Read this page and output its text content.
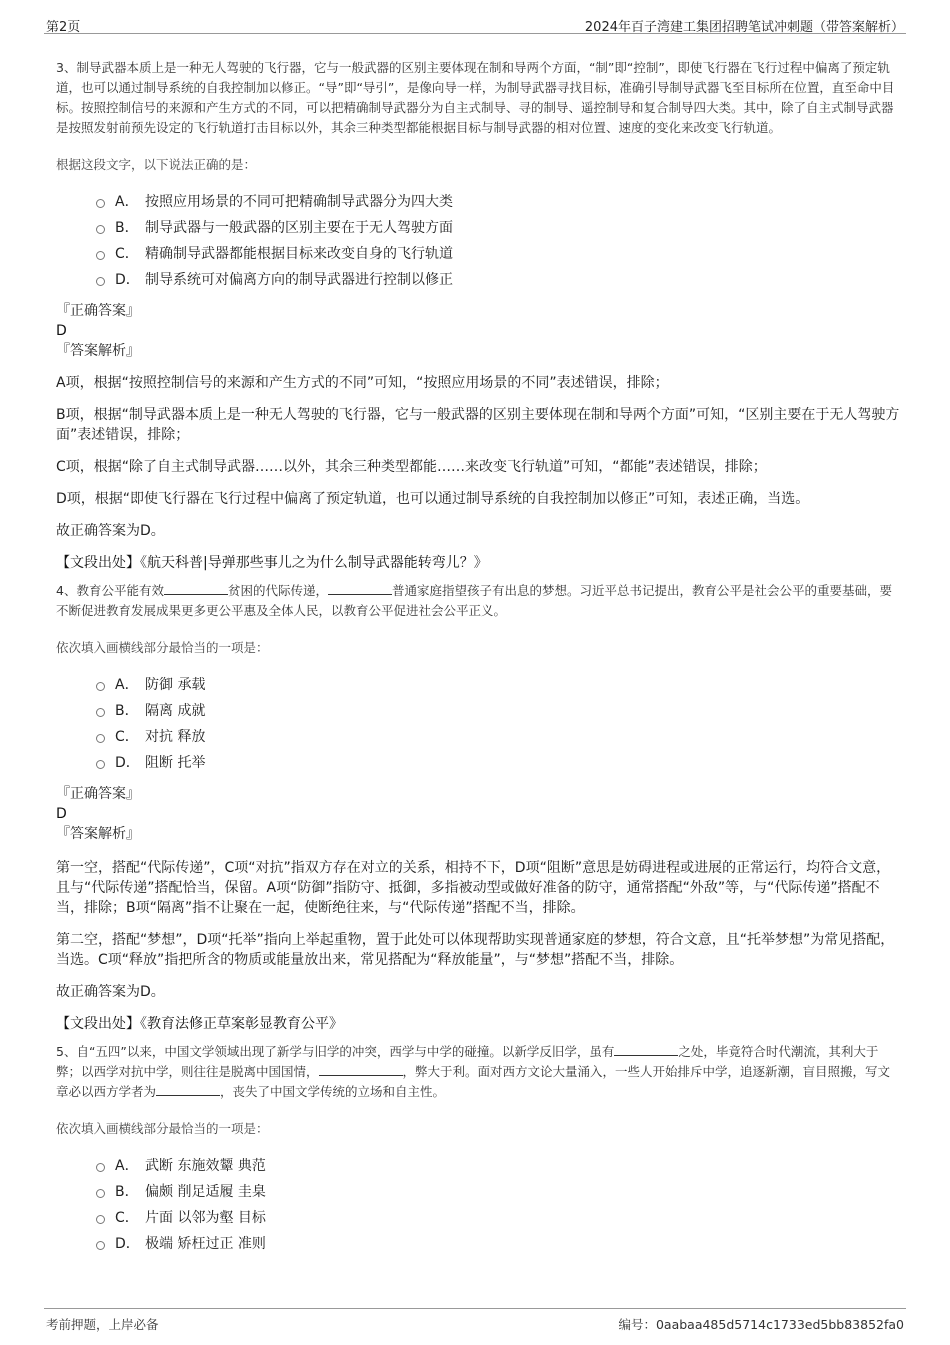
第2页	2024年百子湾建工集团招聘笔试冲刺题（带答案解析）

3、制导武器本质上是一种无人驾驶的飞行器，它与一般武器的区别主要体现在制和导两个方面，“制”即“控制”，即使飞行器在飞行过程中偏离了预定轨道，也可以通过制导系统的自我控制加以修正。“导”即“导引”，是像向导一样，为制导武器寻找目标，准确引导制导武器飞至目标所在位置，直至命中目标。按照控制信号的来源和产生方式的不同，可以把精确制导武器分为自主式制导、寻的制导、遥控制导和复合制导四大类。其中，除了自主式制导武器是按照发射前预先设定的飞行轨道打击目标以外，其余三种类型都能根据目标与制导武器的相对位置、速度的变化来改变飞行轨道。

根据这段文字，以下说法正确的是：

A． 按照应用场景的不同可把精确制导武器分为四大类
B． 制导武器与一般武器的区别主要在于无人驾驶方面
C． 精确制导武器都能根据目标来改变自身的飞行轨道
D． 制导系统可对偏离方向的制导武器进行控制以修正

『正确答案』

D

『答案解析』

A项，根据“按照控制信号的来源和产生方式的不同”可知，“按照应用场景的不同”表述错误，排除；

B项，根据“制导武器本质上是一种无人驾驶的飞行器，它与一般武器的区别主要体现在制和导两个方面”可知，“区别主要在于无人驾驶方面”表述错误，排除；

C项，根据“除了自主式制导武器……以外，其余三种类型都能……来改变飞行轨道”可知，“都能”表述错误，排除；

D项，根据“即使飞行器在飞行过程中偏离了预定轨道，也可以通过制导系统的自我控制加以修正”可知，表述正确，当选。

故正确答案为D。

【文段出处】《航天科普|导弹那些事儿之为什么制导武器能转弯儿？》

4、教育公平能有效	贫困的代际传递，	普通家庭指望孩子有出息的梦想。习近平总书记提出，教育公平是社会公平的重要基础，要不断促进教育发展成果更多更公平惠及全体人民，以教育公平促进社会公平正义。

依次填入画横线部分最恰当的一项是：

A． 防御 承载
B． 隔离 成就
C． 对抗 释放
D． 阻断 托举

『正确答案』

D

『答案解析』

第一空，搭配“代际传递”，C项“对抗”指双方存在对立的关系，相持不下，D项“阻断”意思是妨碍进程或进展的正常运行，均符合文意，且与“代际传递”搭配恰当，保留。A项“防御”指防守、抵御，多指被动型或做好准备的防守，通常搭配“外敌”等，与“代际传递”搭配不当，排除；B项“隔离”指不让聚在一起，使断绝往来，与“代际传递”搭配不当，排除。

第二空，搭配“梦想”，D项“托举”指向上举起重物，置于此处可以体现帮助实现普通家庭的梦想，符合文意，且“托举梦想”为常见搭配，当选。C项“释放”指把所含的物质或能量放出来，常见搭配为“释放能量”，与“梦想”搭配不当，排除。

故正确答案为D。

【文段出处】《教育法修正草案彰显教育公平》

5、自“五四”以来，中国文学领域出现了新学与旧学的冲突，西学与中学的碰撞。以新学反旧学，虽有	之处，毕竟符合时代潮流，其利大于弊；以西学对抗中学，则往往是脱离中国国情，	，弊大于利。面对西方文论大量涌入，一些人开始排斥中学，追逐新潮，盲目照搬，写文章必以西方学者为	，丧失了中国文学传统的立场和自主性。

依次填入画横线部分最恰当的一项是：

A． 武断 东施效颦 典范
B． 偏颇 削足适履 圭臬
C． 片面 以邻为壑 目标
D． 极端 矫枉过正 准则
考前押题，上岸必备	编号：0aabaa485d5714c1733ed5bb83852fa0
